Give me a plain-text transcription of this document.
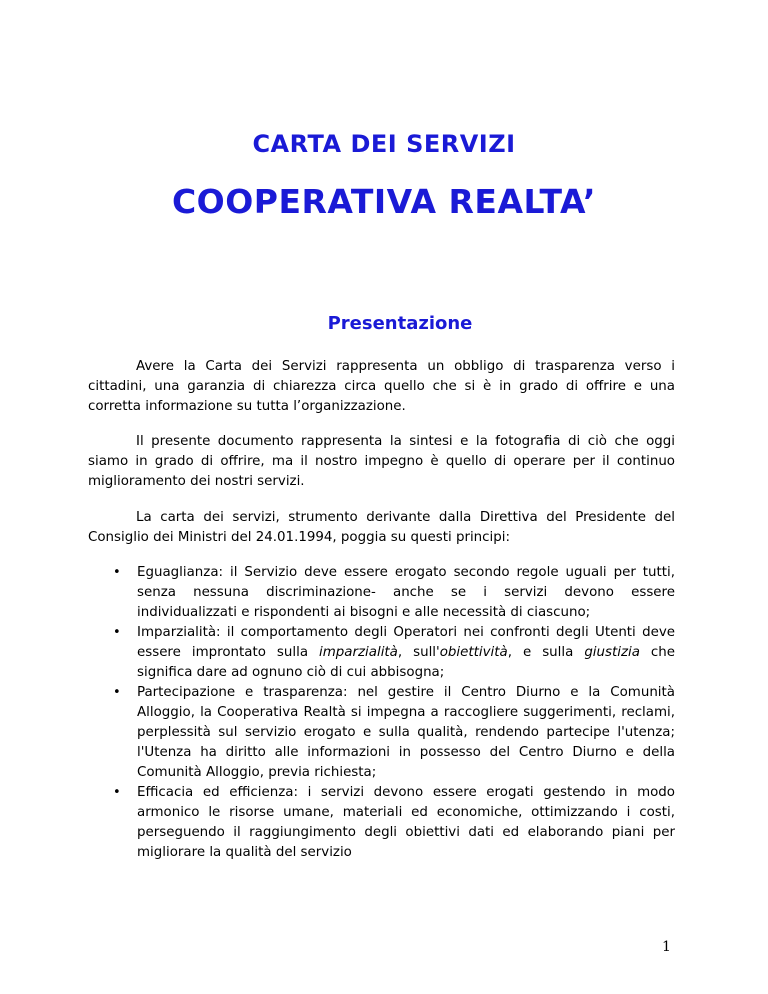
CARTA DEI SERVIZI
COOPERATIVA REALTA’
Presentazione

Avere la Carta dei Servizi rappresenta un obbligo di trasparenza verso i cittadini, una garanzia di chiarezza circa quello che si è in grado di offrire e una corretta informazione su tutta l’organizzazione.

Il presente documento rappresenta la sintesi e la fotografia di ciò che oggi siamo in grado di offrire, ma il nostro impegno è quello di operare per il continuo miglioramento dei nostri servizi.

La carta dei servizi, strumento derivante dalla Direttiva del Presidente del Consiglio dei Ministri del 24.01.1994, poggia su questi principi:

• Eguaglianza: il Servizio deve essere erogato secondo regole uguali per tutti, senza nessuna discriminazione- anche se i servizi devono essere individualizzati e rispondenti ai bisogni e alle necessità di ciascuno;
• Imparzialità: il comportamento degli Operatori nei confronti degli Utenti deve essere improntato sulla imparzialità, sull'obiettività, e sulla giustizia che significa dare ad ognuno ciò di cui abbisogna;
• Partecipazione e trasparenza: nel gestire il Centro Diurno e la Comunità Alloggio, la Cooperativa Realtà si impegna a raccogliere suggerimenti, reclami, perplessità sul servizio erogato e sulla qualità, rendendo partecipe l'utenza; l'Utenza ha diritto alle informazioni in possesso del Centro Diurno e della Comunità Alloggio, previa richiesta;
• Efficacia ed efficienza: i servizi devono essere erogati gestendo in modo armonico le risorse umane, materiali ed economiche, ottimizzando i costi, perseguendo il raggiungimento degli obiettivi dati ed elaborando piani per migliorare la qualità del servizio
1
